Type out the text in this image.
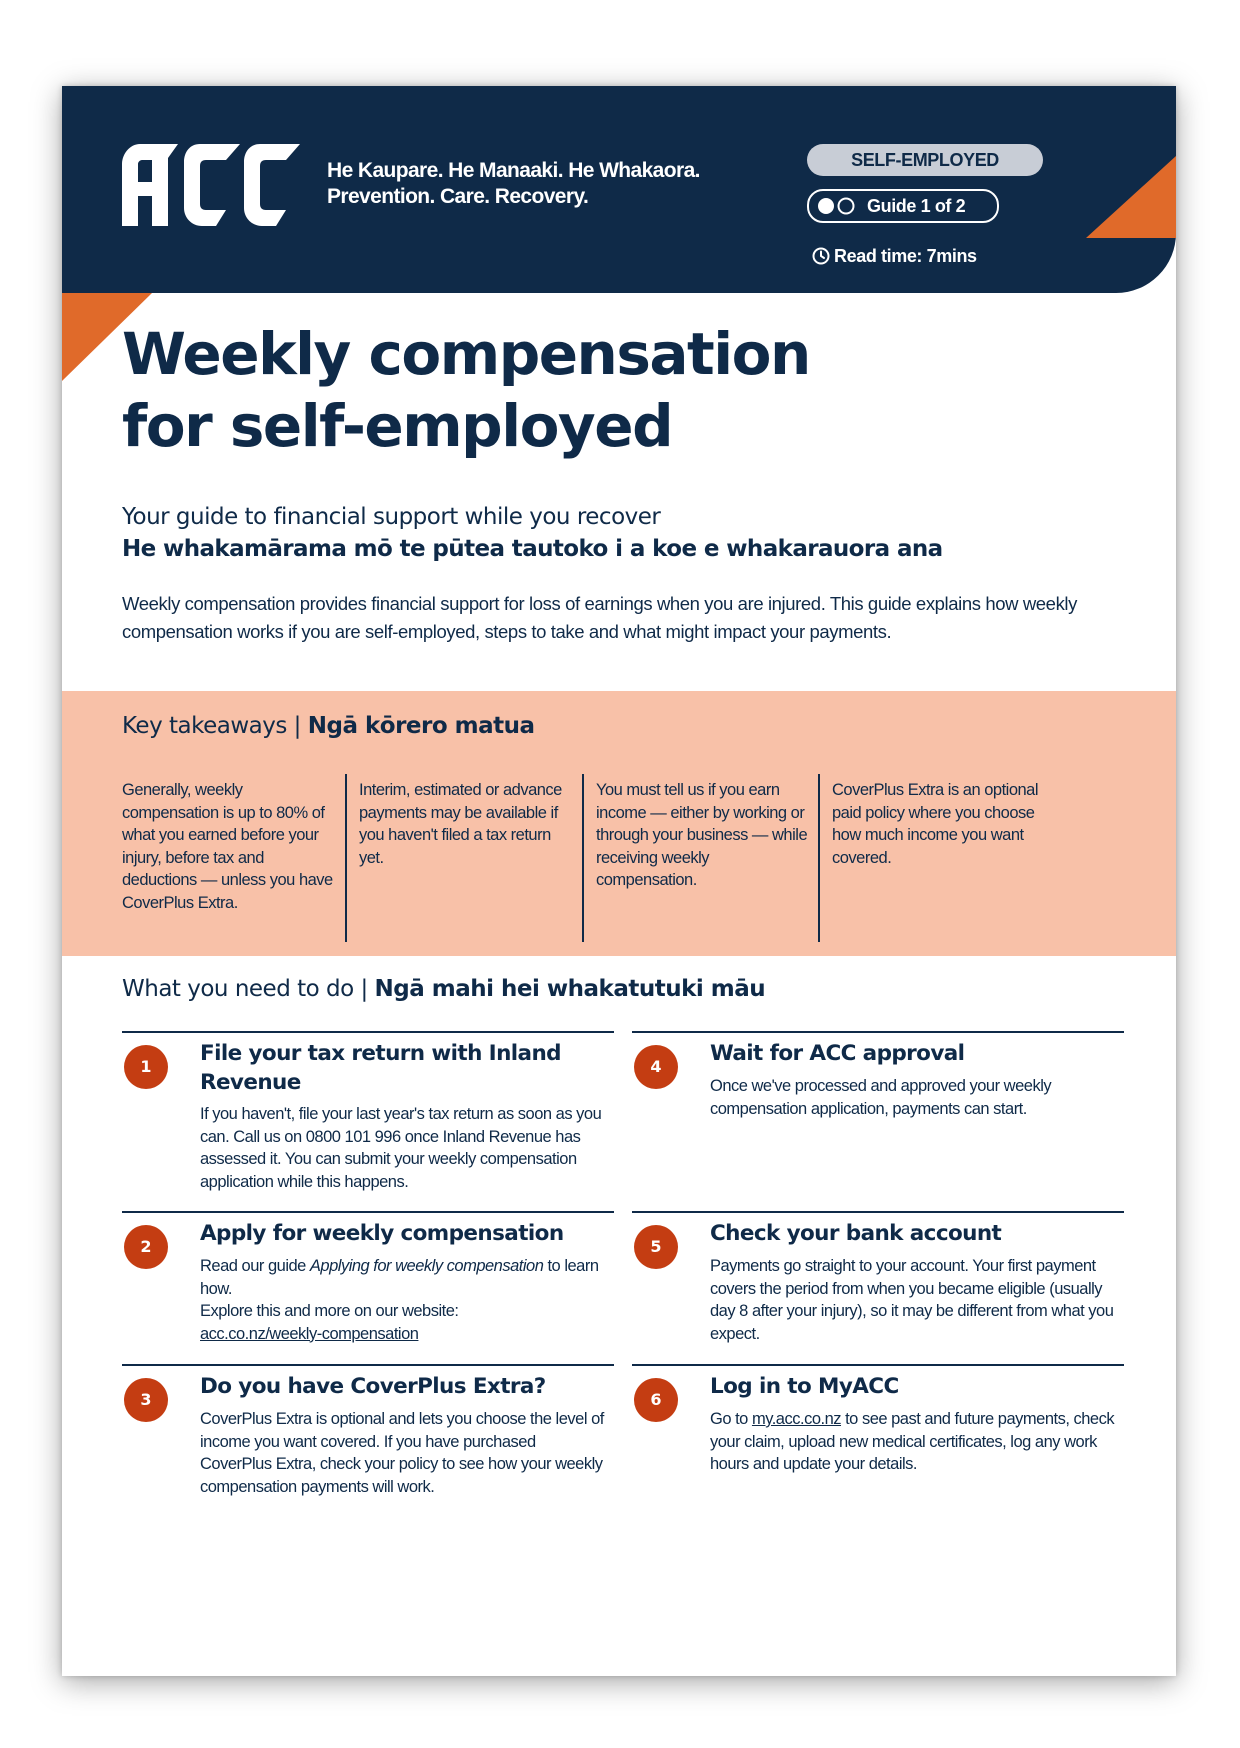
He Kaupare. He Manaaki. He Whakaora.
Prevention. Care. Recovery.
SELF-EMPLOYED
Guide 1 of 2
Read time: 7mins
Weekly compensation
for self-employed
Your guide to financial support while you recover
He whakamārama mō te pūtea tautoko i a koe e whakarauora ana
Weekly compensation provides financial support for loss of earnings when you are injured. This guide explains how weekly compensation works if you are self-employed, steps to take and what might impact your payments.
Key takeaways | Ngā kōrero matua
Generally, weekly compensation is up to 80% of what you earned before your injury, before tax and deductions — unless you have CoverPlus Extra.
Interim, estimated or advance payments may be available if you haven't filed a tax return yet.
You must tell us if you earn income — either by working or through your business — while receiving weekly compensation.
CoverPlus Extra is an optional paid policy where you choose how much income you want covered.
What you need to do | Ngā mahi hei whakatutuki māu
1
File your tax return with Inland Revenue
If you haven't, file your last year's tax return as soon as you can. Call us on 0800 101 996 once Inland Revenue has assessed it. You can submit your weekly compensation application while this happens.
2
Apply for weekly compensation
Read our guide Applying for weekly compensation to learn how.
Explore this and more on our website:
acc.co.nz/weekly-compensation
3
Do you have CoverPlus Extra?
CoverPlus Extra is optional and lets you choose the level of income you want covered. If you have purchased CoverPlus Extra, check your policy to see how your weekly compensation payments will work.
4
Wait for ACC approval
Once we've processed and approved your weekly compensation application, payments can start.
5
Check your bank account
Payments go straight to your account. Your first payment covers the period from when you became eligible (usually day 8 after your injury), so it may be different from what you expect.
6
Log in to MyACC
Go to my.acc.co.nz to see past and future payments, check your claim, upload new medical certificates, log any work hours and update your details.
